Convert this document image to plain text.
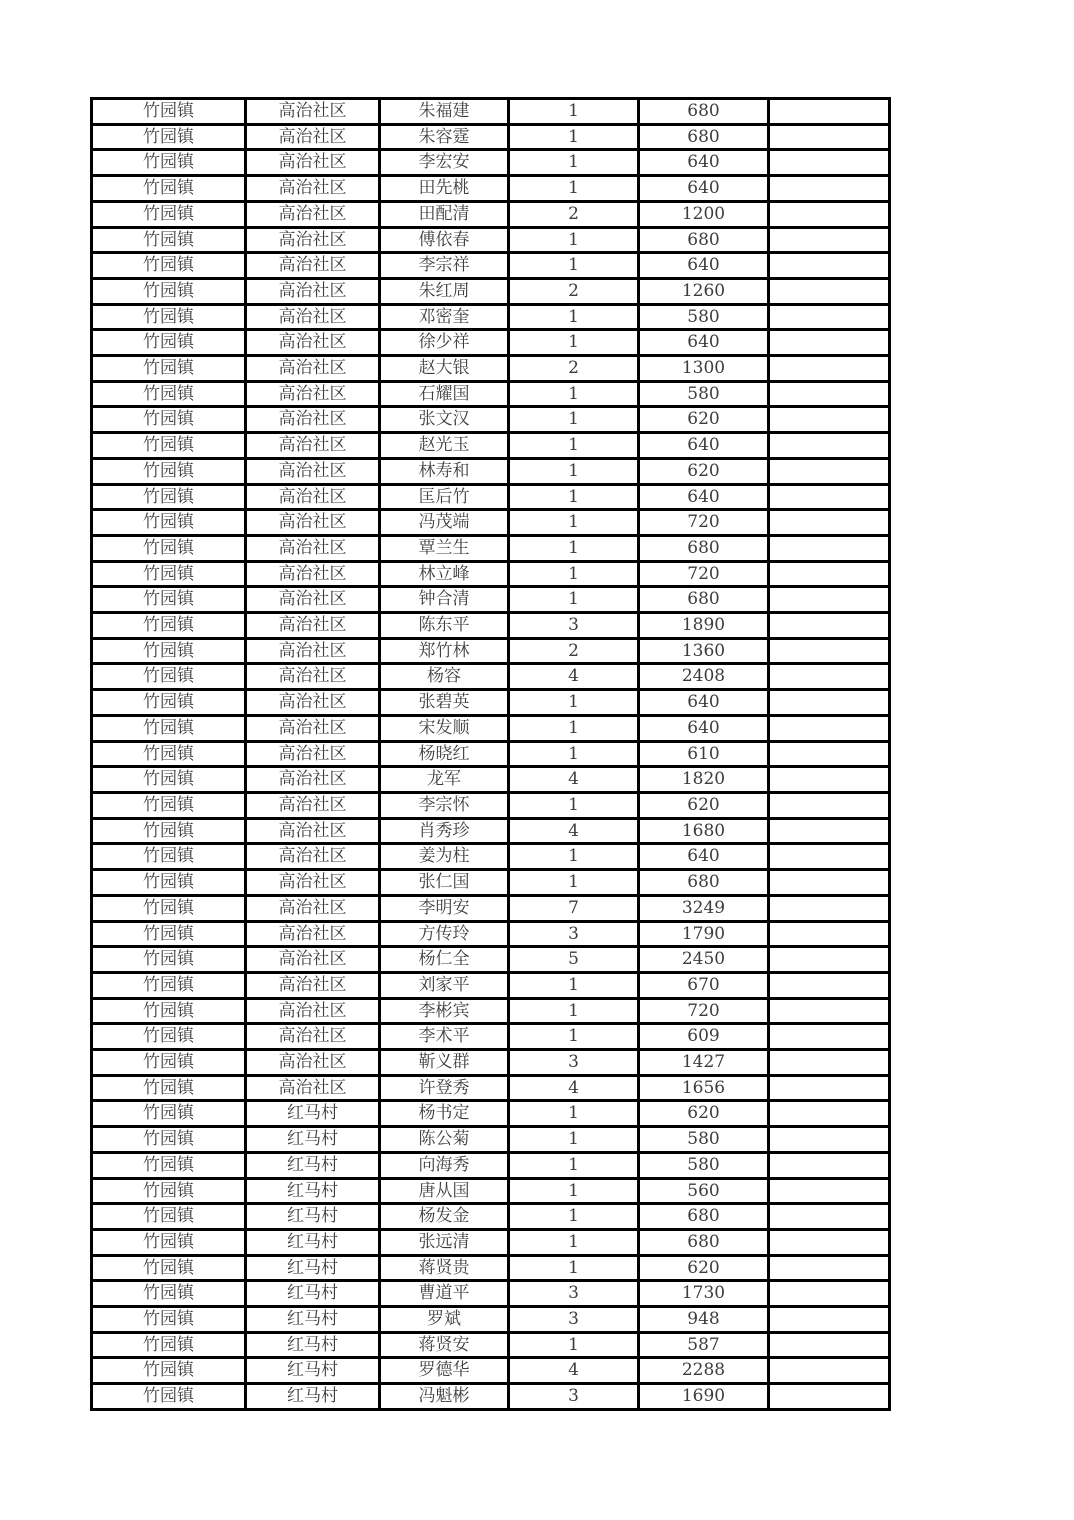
竹园镇	高治社区	朱福建	1	680	
竹园镇	高治社区	朱容霆	1	680	
竹园镇	高治社区	李宏安	1	640	
竹园镇	高治社区	田先桃	1	640	
竹园镇	高治社区	田配清	2	1200	
竹园镇	高治社区	傅依春	1	680	
竹园镇	高治社区	李宗祥	1	640	
竹园镇	高治社区	朱红周	2	1260	
竹园镇	高治社区	邓密奎	1	580	
竹园镇	高治社区	徐少祥	1	640	
竹园镇	高治社区	赵大银	2	1300	
竹园镇	高治社区	石耀国	1	580	
竹园镇	高治社区	张文汉	1	620	
竹园镇	高治社区	赵光玉	1	640	
竹园镇	高治社区	林寿和	1	620	
竹园镇	高治社区	匡后竹	1	640	
竹园镇	高治社区	冯茂端	1	720	
竹园镇	高治社区	覃兰生	1	680	
竹园镇	高治社区	林立峰	1	720	
竹园镇	高治社区	钟合清	1	680	
竹园镇	高治社区	陈东平	3	1890	
竹园镇	高治社区	郑竹林	2	1360	
竹园镇	高治社区	杨容	4	2408	
竹园镇	高治社区	张碧英	1	640	
竹园镇	高治社区	宋发顺	1	640	
竹园镇	高治社区	杨晓红	1	610	
竹园镇	高治社区	龙军	4	1820	
竹园镇	高治社区	李宗怀	1	620	
竹园镇	高治社区	肖秀珍	4	1680	
竹园镇	高治社区	姜为柱	1	640	
竹园镇	高治社区	张仁国	1	680	
竹园镇	高治社区	李明安	7	3249	
竹园镇	高治社区	方传玲	3	1790	
竹园镇	高治社区	杨仁全	5	2450	
竹园镇	高治社区	刘家平	1	670	
竹园镇	高治社区	李彬宾	1	720	
竹园镇	高治社区	李术平	1	609	
竹园镇	高治社区	靳义群	3	1427	
竹园镇	高治社区	许登秀	4	1656	
竹园镇	红马村	杨书定	1	620	
竹园镇	红马村	陈公菊	1	580	
竹园镇	红马村	向海秀	1	580	
竹园镇	红马村	唐从国	1	560	
竹园镇	红马村	杨发金	1	680	
竹园镇	红马村	张远清	1	680	
竹园镇	红马村	蒋贤贵	1	620	
竹园镇	红马村	曹道平	3	1730	
竹园镇	红马村	罗斌	3	948	
竹园镇	红马村	蒋贤安	1	587	
竹园镇	红马村	罗德华	4	2288	
竹园镇	红马村	冯魁彬	3	1690	
